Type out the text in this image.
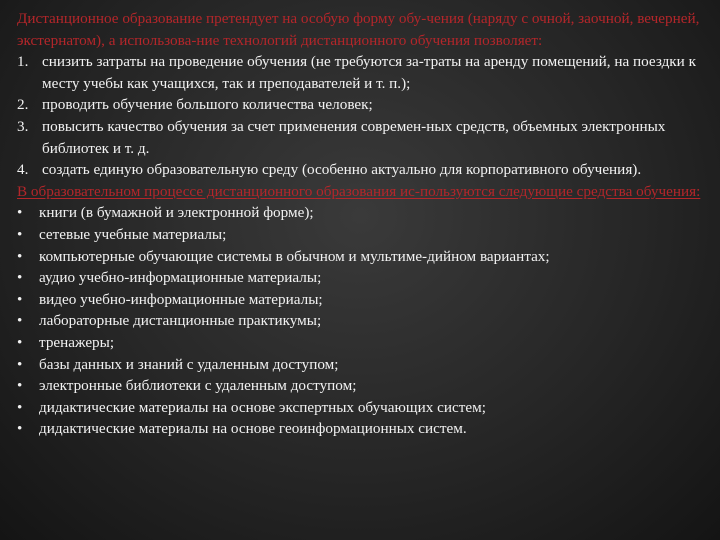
Дистанционное образование претендует на особую форму обу-чения (наряду с очной, заочной, вечерней, экстернатом), а использова-ние технологий дистанционного обучения позволяет:
1. снизить затраты на проведение обучения (не требуются за-траты на аренду помещений, на поездки к месту учебы как учащихся, так и преподавателей и т. п.);
2. проводить обучение большого количества человек;
3. повысить качество обучения за счет применения современ-ных средств, объемных электронных библиотек и т. д.
4. создать единую образовательную среду (особенно актуально для корпоративного обучения).
В образовательном процессе дистанционного образования ис-пользуются следующие средства обучения:
• книги (в бумажной и электронной форме);
• сетевые учебные материалы;
• компьютерные обучающие системы в обычном и мультиме-дийном вариантах;
• аудио учебно-информационные материалы;
• видео учебно-информационные материалы;
• лабораторные дистанционные практикумы;
• тренажеры;
• базы данных и знаний с удаленным доступом;
• электронные библиотеки с удаленным доступом;
• дидактические материалы на основе экспертных обучающих систем;
• дидактические материалы на основе геоинформационных систем.
